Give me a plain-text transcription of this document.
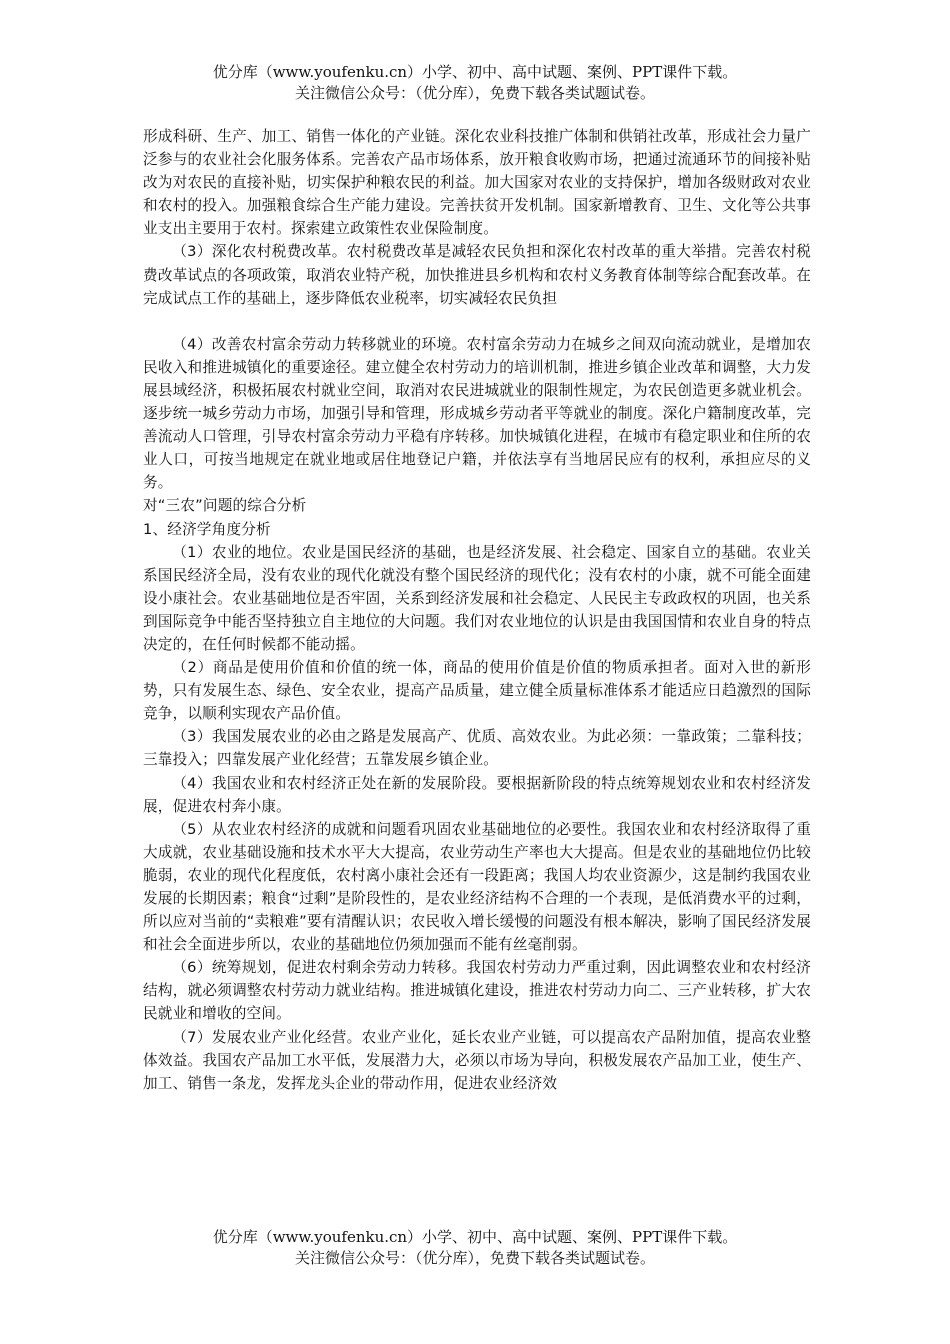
优分库（www.youfenku.cn）小学、初中、高中试题、案例、PPT课件下载。
关注微信公众号：（优分库），免费下载各类试题试卷。

形成科研、生产、加工、销售一体化的产业链。深化农业科技推广体制和供销社改革，形成社会力量广泛参与的农业社会化服务体系。完善农产品市场体系，放开粮食收购市场，把通过流通环节的间接补贴改为对农民的直接补贴，切实保护种粮农民的利益。加大国家对农业的支持保护，增加各级财政对农业和农村的投入。加强粮食综合生产能力建设。完善扶贫开发机制。国家新增教育、卫生、文化等公共事业支出主要用于农村。探索建立政策性农业保险制度。

（3）深化农村税费改革。农村税费改革是减轻农民负担和深化农村改革的重大举措。完善农村税费改革试点的各项政策，取消农业特产税，加快推进县乡机构和农村义务教育体制等综合配套改革。在完成试点工作的基础上，逐步降低农业税率，切实减轻农民负担

（4）改善农村富余劳动力转移就业的环境。农村富余劳动力在城乡之间双向流动就业，是增加农民收入和推进城镇化的重要途径。建立健全农村劳动力的培训机制，推进乡镇企业改革和调整，大力发展县域经济，积极拓展农村就业空间，取消对农民进城就业的限制性规定，为农民创造更多就业机会。逐步统一城乡劳动力市场，加强引导和管理，形成城乡劳动者平等就业的制度。深化户籍制度改革，完善流动人口管理，引导农村富余劳动力平稳有序转移。加快城镇化进程，在城市有稳定职业和住所的农业人口，可按当地规定在就业地或居住地登记户籍，并依法享有当地居民应有的权利，承担应尽的义务。

对“三农”问题的综合分析

1、经济学角度分析

（1）农业的地位。农业是国民经济的基础，也是经济发展、社会稳定、国家自立的基础。农业关系国民经济全局，没有农业的现代化就没有整个国民经济的现代化；没有农村的小康，就不可能全面建设小康社会。农业基础地位是否牢固，关系到经济发展和社会稳定、人民民主专政政权的巩固，也关系到国际竞争中能否坚持独立自主地位的大问题。我们对农业地位的认识是由我国国情和农业自身的特点决定的，在任何时候都不能动摇。

（2）商品是使用价值和价值的统一体，商品的使用价值是价值的物质承担者。面对入世的新形势，只有发展生态、绿色、安全农业，提高产品质量，建立健全质量标准体系才能适应日趋激烈的国际竞争，以顺利实现农产品价值。

（3）我国发展农业的必由之路是发展高产、优质、高效农业。为此必须：一靠政策；二靠科技；三靠投入；四靠发展产业化经营；五靠发展乡镇企业。

（4）我国农业和农村经济正处在新的发展阶段。要根据新阶段的特点统筹规划农业和农村经济发展，促进农村奔小康。

（5）从农业农村经济的成就和问题看巩固农业基础地位的必要性。我国农业和农村经济取得了重大成就，农业基础设施和技术水平大大提高，农业劳动生产率也大大提高。但是农业的基础地位仍比较脆弱，农业的现代化程度低，农村离小康社会还有一段距离；我国人均农业资源少，这是制约我国农业发展的长期因素；粮食“过剩”是阶段性的，是农业经济结构不合理的一个表现，是低消费水平的过剩，所以应对当前的“卖粮难”要有清醒认识；农民收入增长缓慢的问题没有根本解决，影响了国民经济发展和社会全面进步所以，农业的基础地位仍须加强而不能有丝毫削弱。

（6）统筹规划，促进农村剩余劳动力转移。我国农村劳动力严重过剩，因此调整农业和农村经济结构，就必须调整农村劳动力就业结构。推进城镇化建设，推进农村劳动力向二、三产业转移，扩大农民就业和增收的空间。

（7）发展农业产业化经营。农业产业化，延长农业产业链，可以提高农产品附加值，提高农业整体效益。我国农产品加工水平低，发展潜力大，必须以市场为导向，积极发展农产品加工业，使生产、加工、销售一条龙，发挥龙头企业的带动作用，促进农业经济效

优分库（www.youfenku.cn）小学、初中、高中试题、案例、PPT课件下载。
关注微信公众号：（优分库），免费下载各类试题试卷。
